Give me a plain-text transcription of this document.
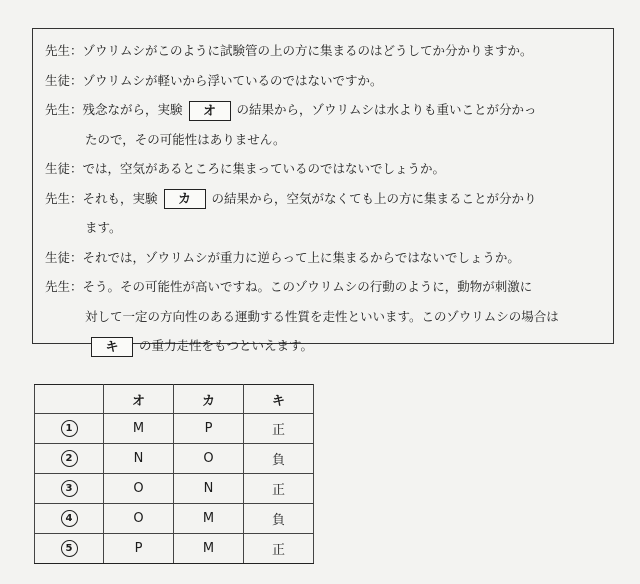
先生：ゾウリムシがこのように試験管の上の方に集まるのはどうしてか分かりますか。
生徒：ゾウリムシが軽いから浮いているのではないですか。
先生：残念ながら，実験 オ の結果から，ゾウリムシは水よりも重いことが分かっ
たので，その可能性はありません。
生徒：では，空気があるところに集まっているのではないでしょうか。
先生：それも，実験 カ の結果から，空気がなくても上の方に集まることが分かり
ます。
生徒：それでは，ゾウリムシが重力に逆らって上に集まるからではないでしょうか。
先生：そう。その可能性が高いですね。このゾウリムシの行動のように，動物が刺激に
対して一定の方向性のある運動する性質を走性といいます。このゾウリムシの場合は
キ の重力走性をもつといえます。
	オ	カ	キ
1	M	P	正
2	N	O	負
3	O	N	正
4	O	M	負
5	P	M	正
